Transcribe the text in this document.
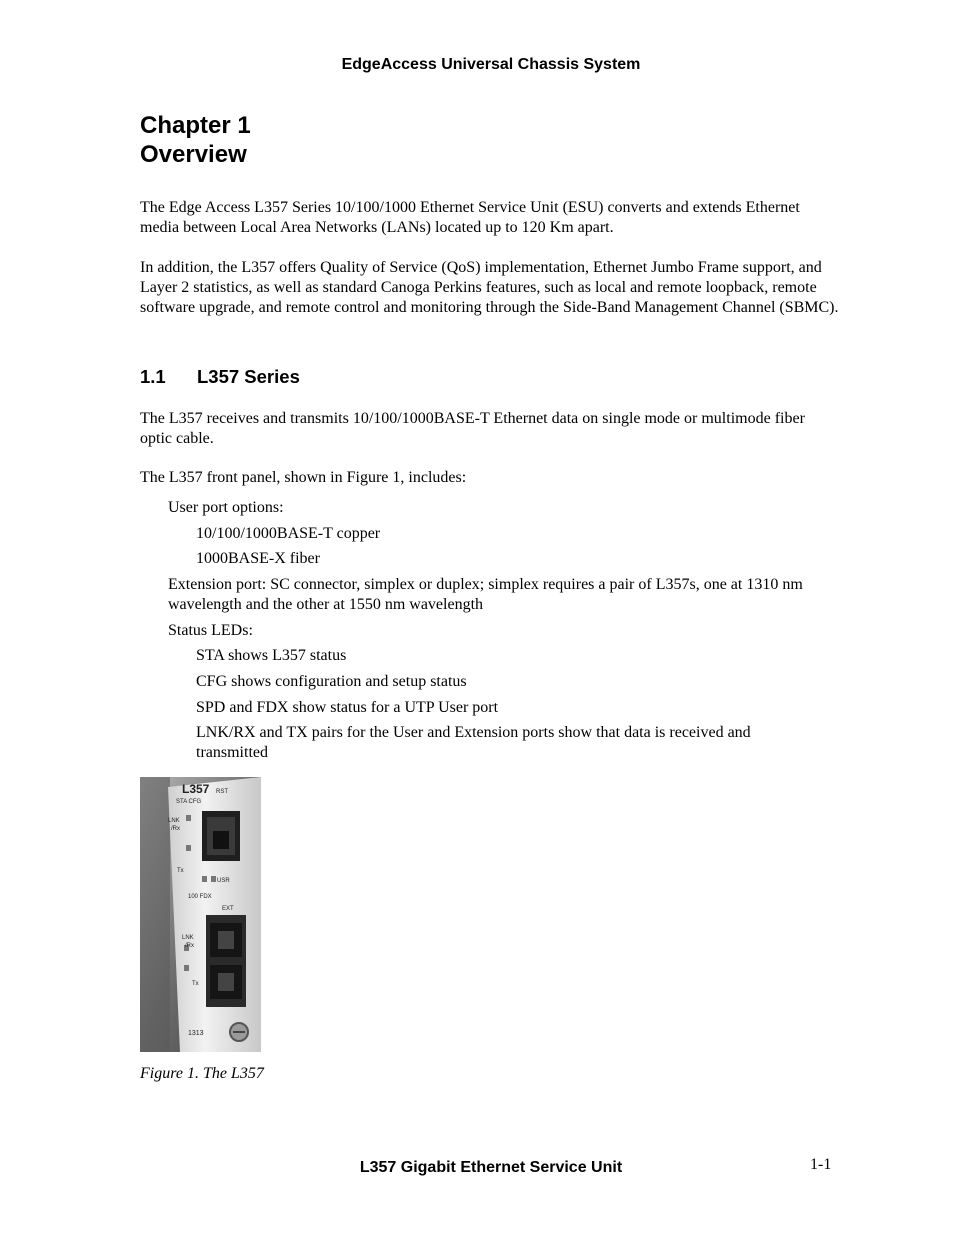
EdgeAccess Universal Chassis System
Chapter 1
Overview
The Edge Access L357 Series 10/100/1000 Ethernet Service Unit (ESU) converts and extends Ethernet media between Local Area Networks (LANs) located up to 120 Km apart.
In addition, the L357 offers Quality of Service (QoS) implementation, Ethernet Jumbo Frame support, and Layer 2 statistics, as well as standard Canoga Perkins features, such as local and remote loopback, remote software upgrade, and remote control and monitoring through the Side-Band Management Channel (SBMC).
1.1 L357 Series
The L357 receives and transmits 10/100/1000BASE-T Ethernet data on single mode or multimode fiber optic cable.
The L357 front panel, shown in Figure 1, includes:
User port options:
10/100/1000BASE-T copper
1000BASE-X fiber
Extension port: SC connector, simplex or duplex; simplex requires a pair of L357s, one at 1310 nm wavelength and the other at 1550 nm wavelength
Status LEDs:
STA shows L357 status
CFG shows configuration and setup status
SPD and FDX show status for a UTP User port
LNK/RX and TX pairs for the User and Extension ports show that data is received and transmitted
L357 RST
STA CFG
LNK
/Rx
Tx
USR
100 FDX
EXT
LNK
/Rx
Tx
1313
Figure 1. The L357
L357 Gigabit Ethernet Service Unit	1-1
